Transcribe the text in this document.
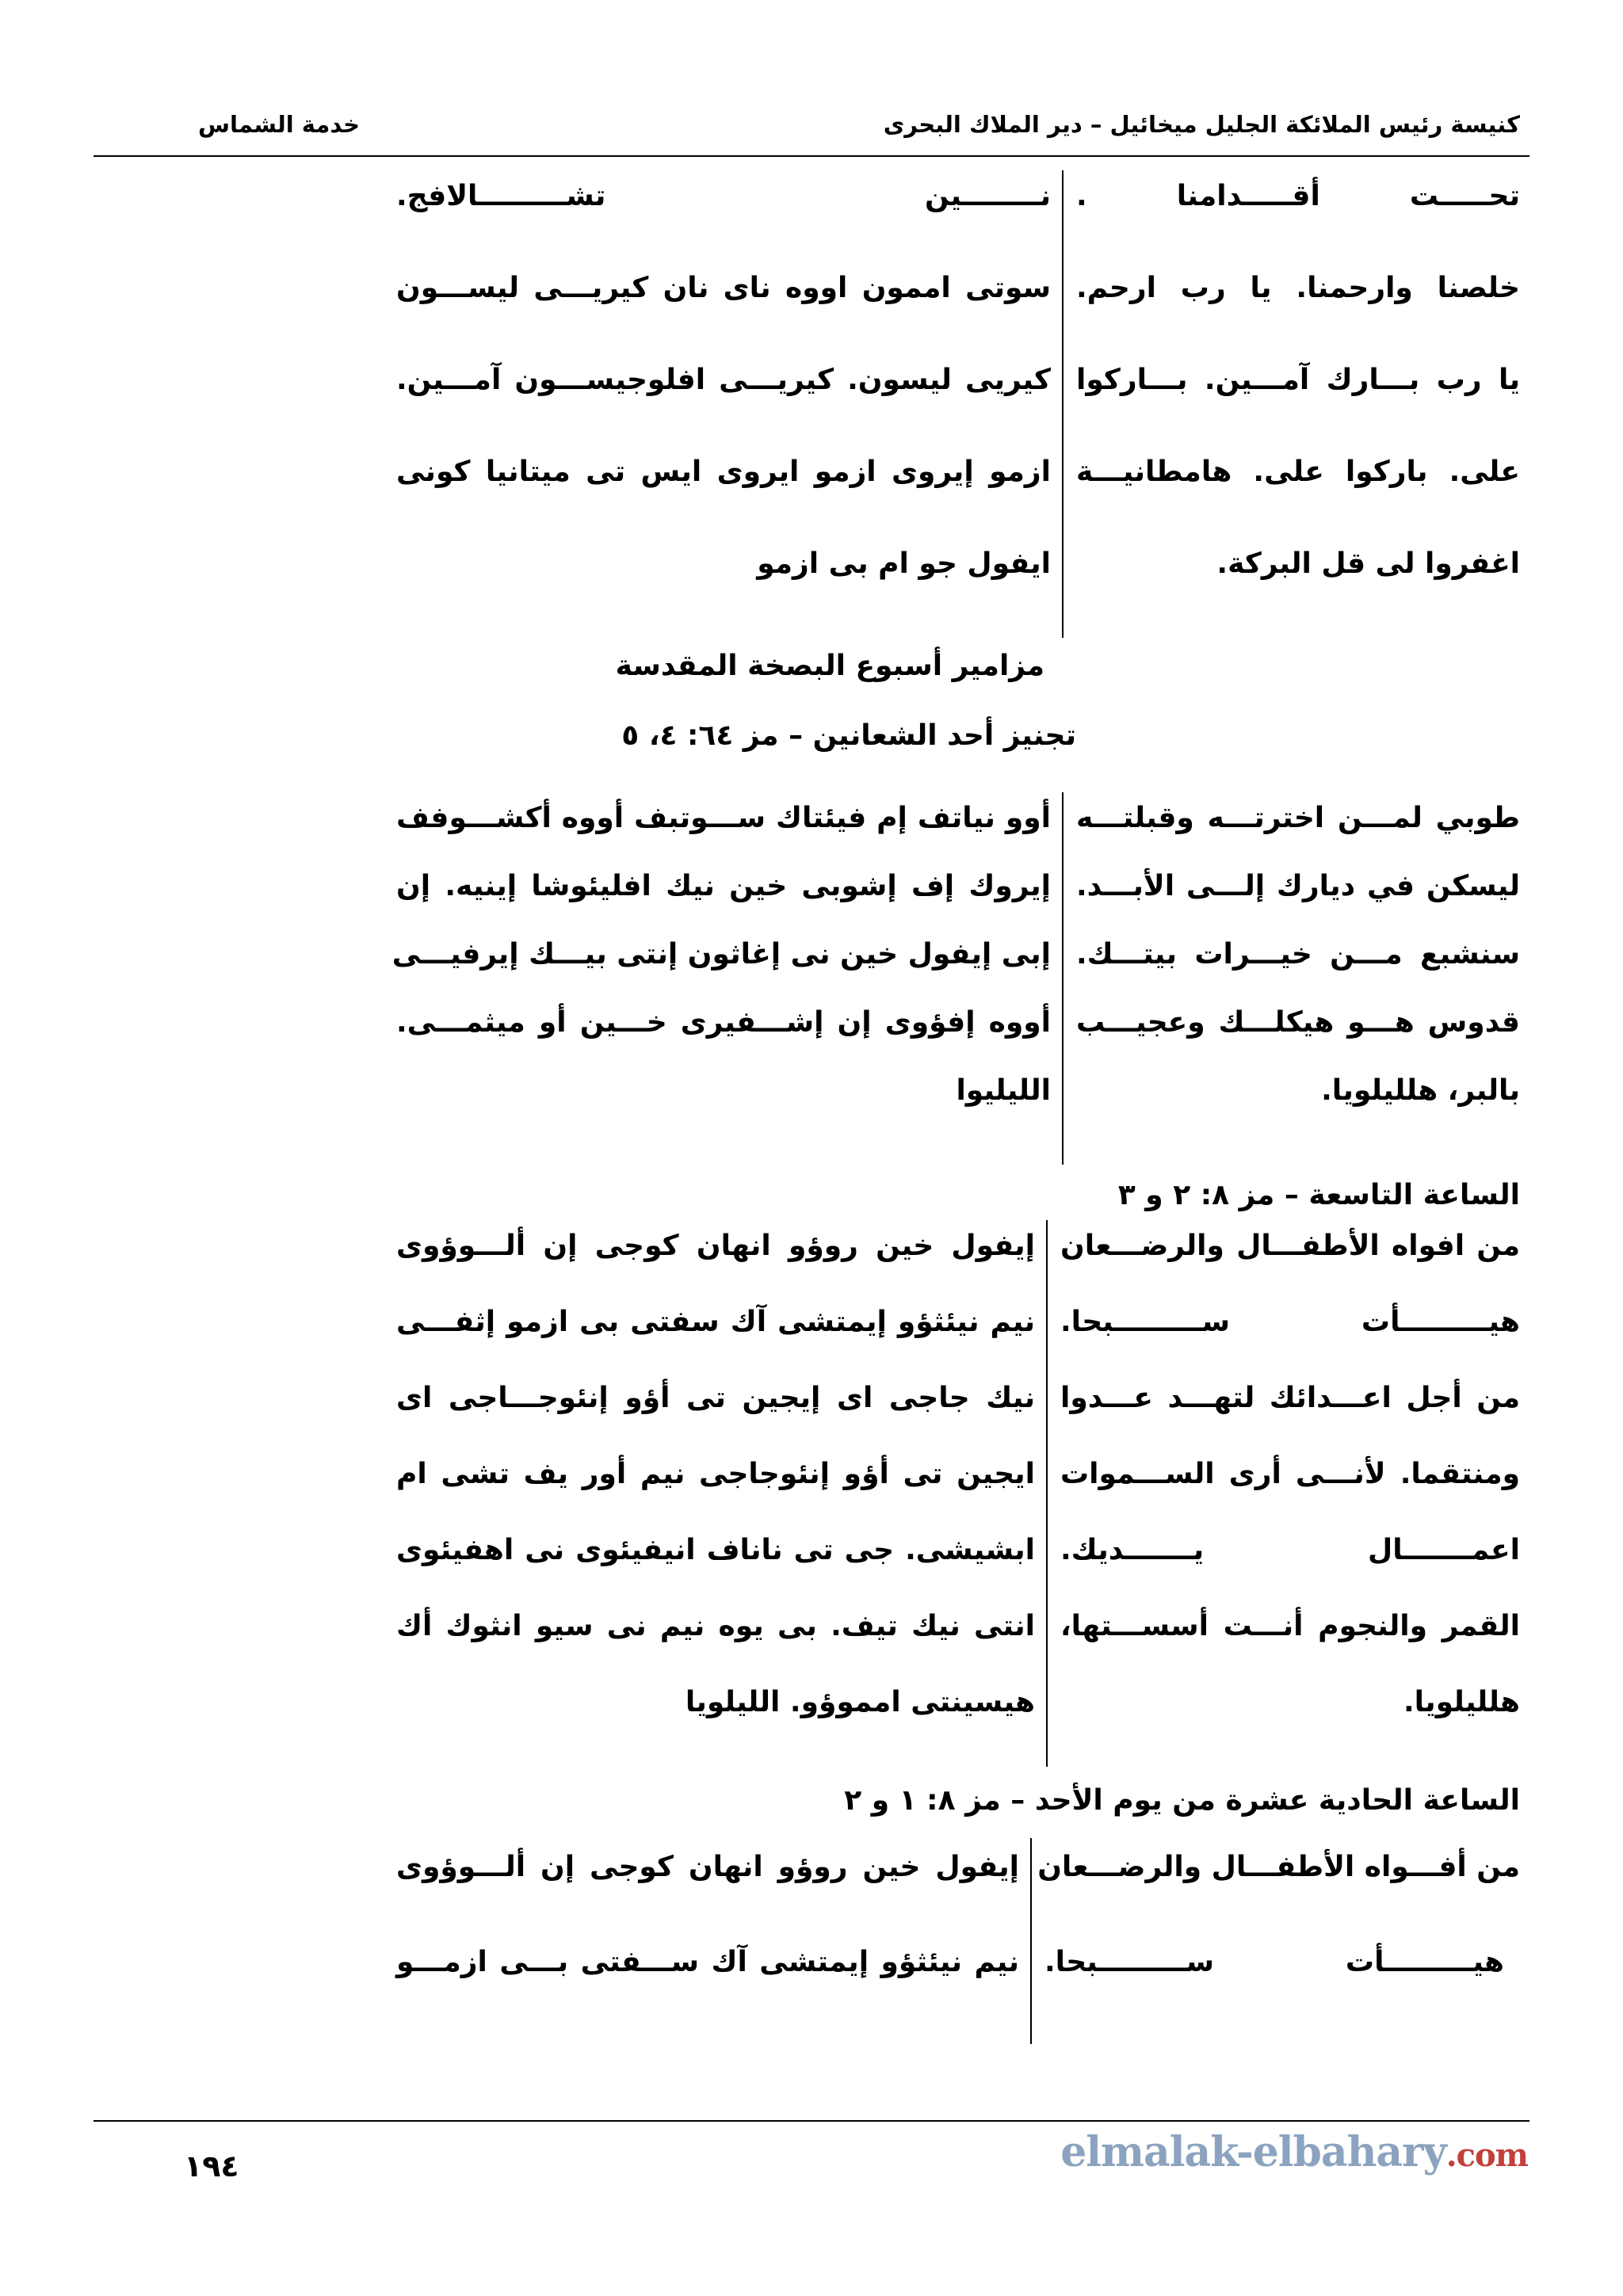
كنيسة رئيس الملائكة الجليل ميخائيل – دير الملاك البحرى
خدمة الشماس
تحـــــت أقـــــدامنا .
خلصنا وارحمنا. يا رب ارحم.
يا رب بـــارك آمـــين. بـــاركوا
على. باركوا على. هامطانيـــة
اغفروا لى قل البركة.
نــــــــين تشـــــــــالافج.
سوتى اممون اووه ناى نان كيريـــى ليســـون
كيريى ليسون. كيريـــى افلوجيســـون آمـــين.
ازمو إيروى ازمو ايروى ايس تى ميتانيا كونى
ايفول جو ام بى ازمو
مزامير أسبوع البصخة المقدسة
تجنيز أحد الشعانين – مز ٦٤: ٤، ٥
طوبي لمـــن اخترتـــه وقبلتـــه
ليسكن في ديارك إلـــى الأبـــد.
سنشبع مـــن خيـــرات بيتـــك.
قدوس هـــو هيكلـــك وعجيـــب
بالبر، هلليلويا.
أوو نياتف إم فيئتاك ســـوتبف أووه أكشـــوفف
إيروك إف إشوبى خين نيك افليئوشا إينيه. إن
إبى إيفول خين نى إغاثون إنتى بيـــك إيرفيـــى
أووه إفؤوى إن إشـــفيرى خـــين أو ميثمـــى.
الليليوا
الساعة التاسعة – مز ٨: ٢ و ٣
من افواه الأطفـــال والرضـــعان
هيـــــــــأت ســـــــــبحا.
من أجل اعـــدائك لتهـــد عـــدوا
ومنتقما. لأنـــى أرى الســـموات
اعمـــــــال يـــــــديك.
القمر والنجوم أنـــت أسســـتها،
هلليلويا.
إيفول خين روؤو انهان كوجى إن ألـــوؤوى
نيم نيئثؤو إيمتشى آك سفتى بى ازمو إثفـــى
نيك جاجى اى إيجين تى أؤو إنئوجـــاجى اى
ايجين تى أؤو إنئوجاجى نيم أور يف تشى ام
ابشيشى. جى تى ناناف انيفيئوى نى اهفيئوى
انتى نيك تيف. بى يوه نيم نى سيو انثوك أك
هيسينتى امموؤو. الليلويا
الساعة الحادية عشرة من يوم الأحد – مز ٨: ١ و ٢
من أفـــواه الأطفـــال والرضـــعان
هيـــــــــأت ســـــــــبحا.
إيفول خين روؤو انهان كوجى إن ألـــوؤوى
نيم نيئثؤو إيمتشى آك ســـفتى بـــى ازمـــو
١٩٤	elmalak-elbahary.com
